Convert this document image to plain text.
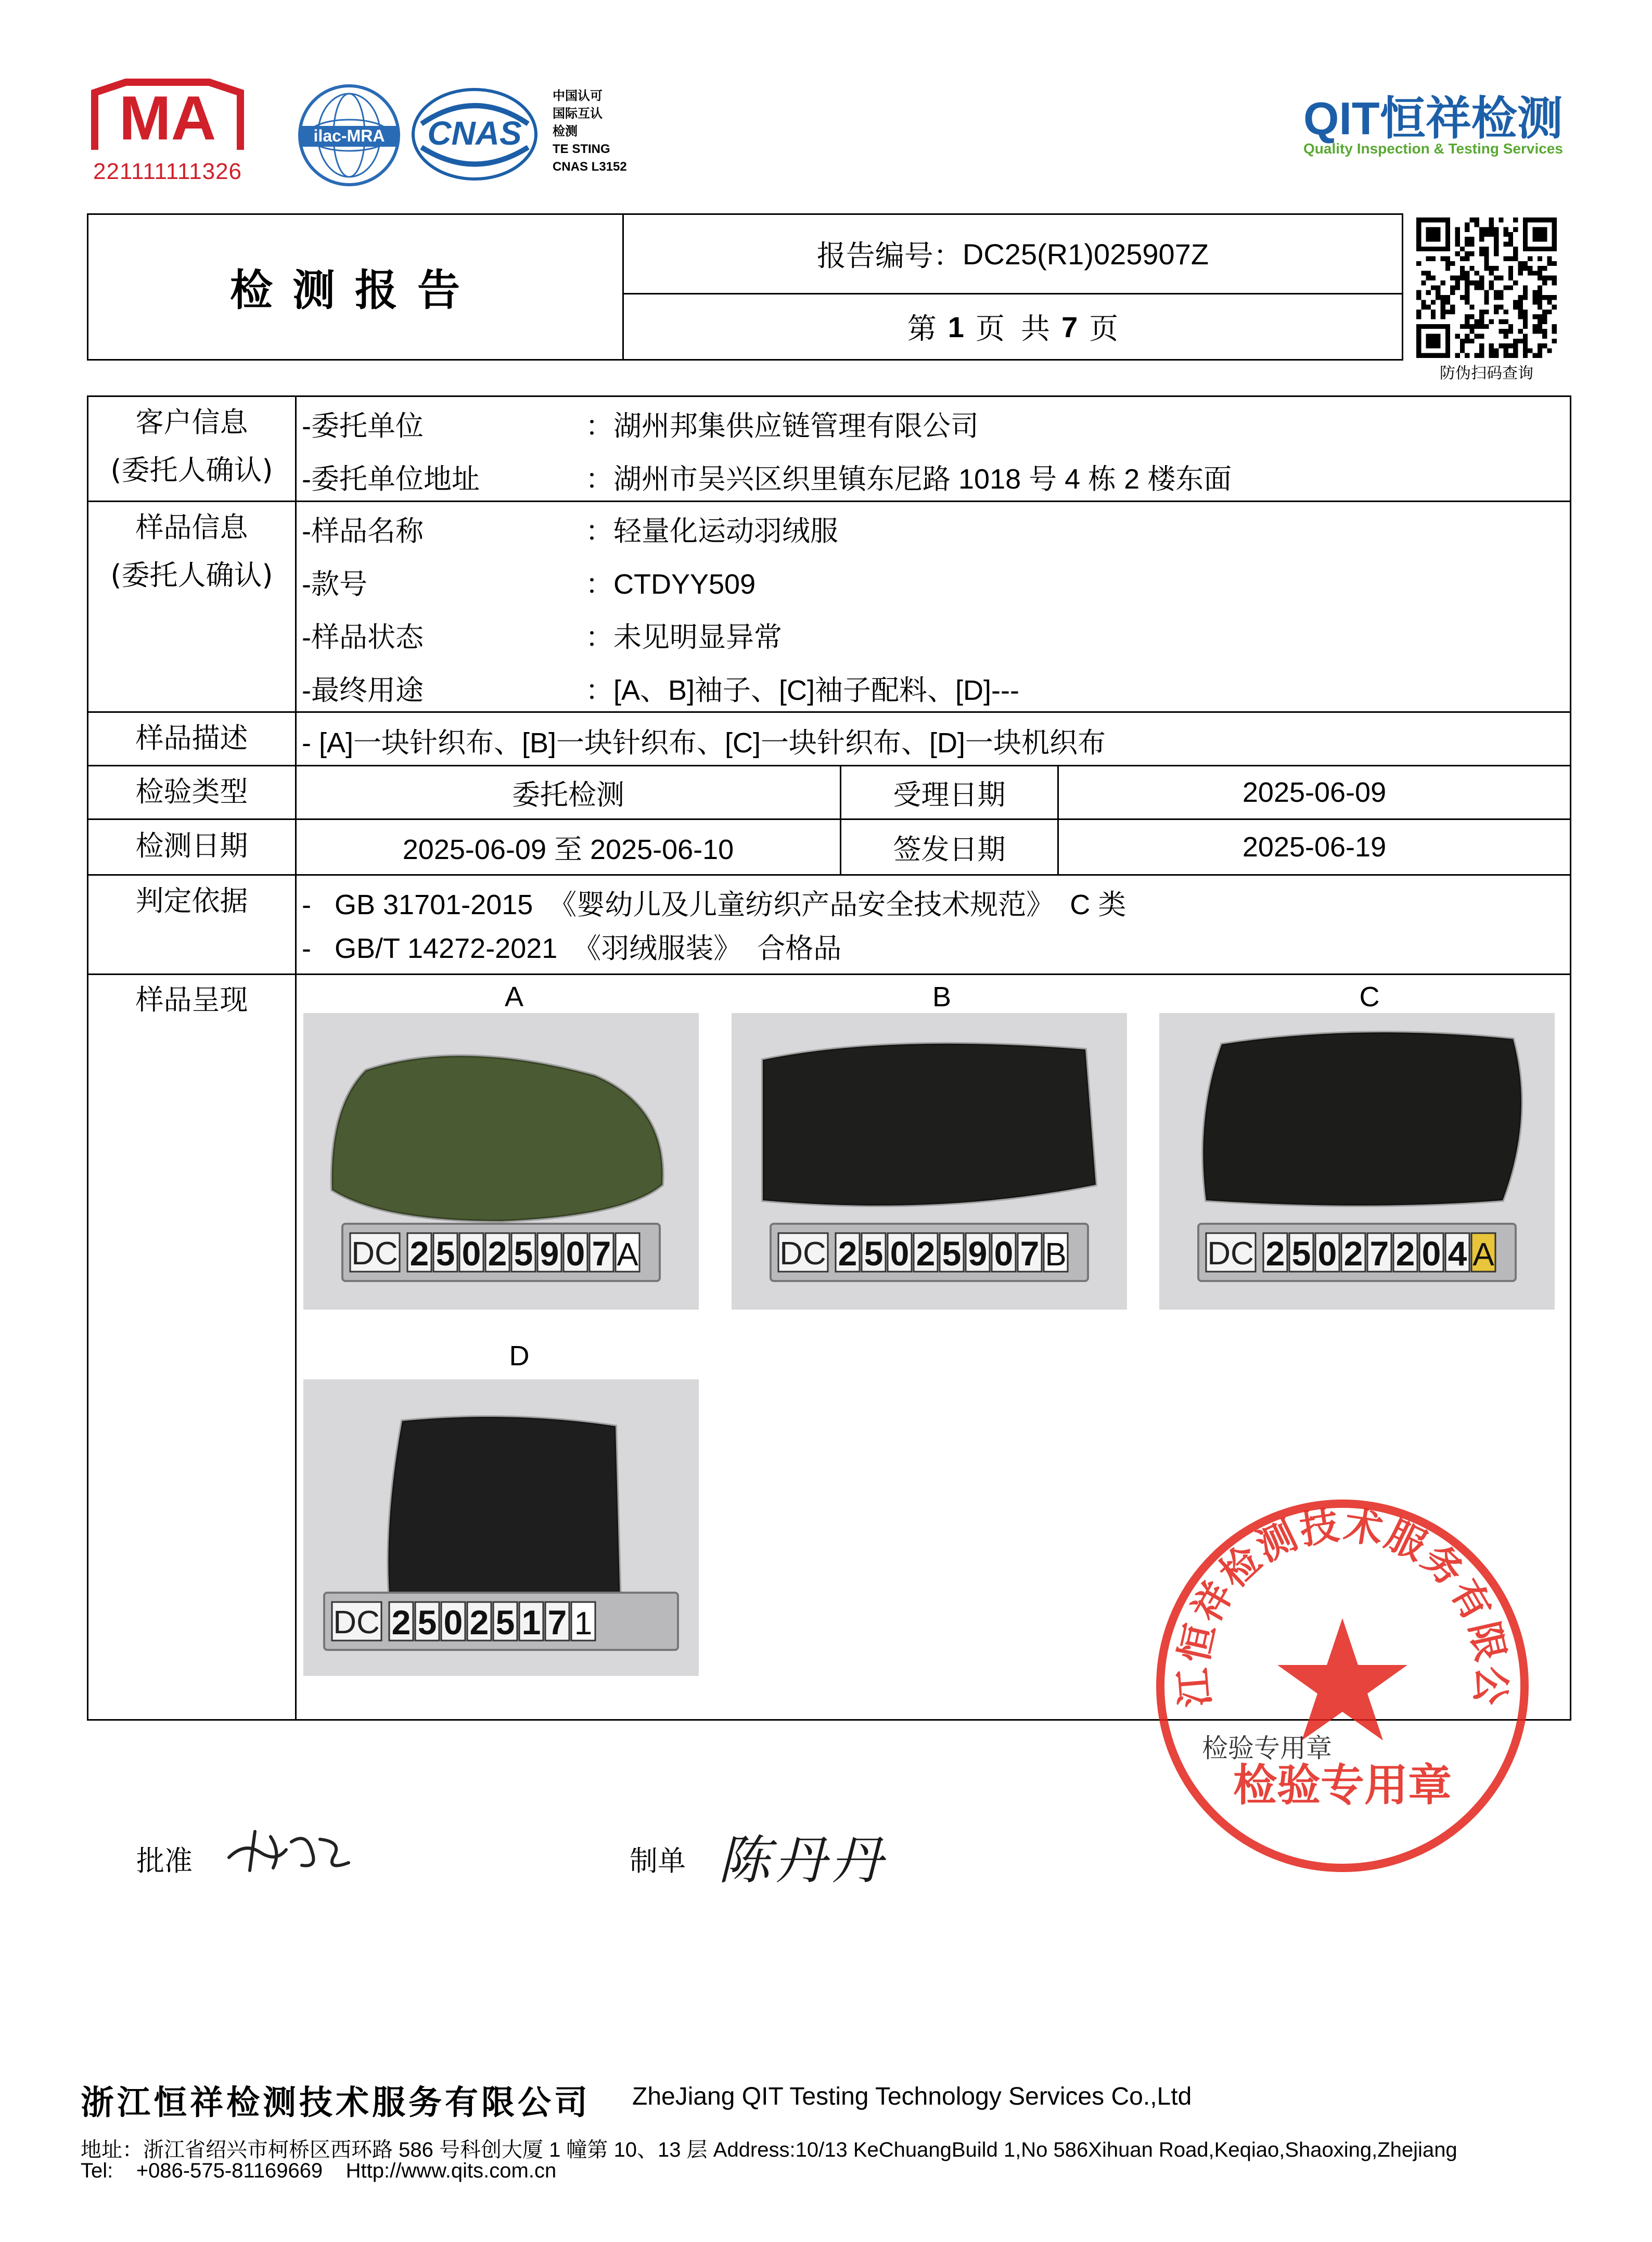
MA
221111111326
ilac-MRA CNAS
中国认可
国际互认
检测
TE STING
CNAS L3152
QIT恒祥检测
Quality Inspection & Testing Services
检测报告
报告编号： DC25(R1)025907Z
第 1 页  共 7 页
防伪扫码查询
客户信息
(委托人确认)
-委托单位	：湖州邦集供应链管理有限公司
-委托单位地址	：湖州市吴兴区织里镇东尼路 1018 号 4 栋 2 楼东面
样品信息
(委托人确认)
-样品名称	：轻量化运动羽绒服
-款号	：CTDYY509
-样品状态	：未见明显异常
-最终用途	：[A、B]袖子、[C]袖子配料、[D]---
样品描述	- [A]一块针织布、[B]一块针织布、[C]一块针织布、[D]一块机织布
检验类型	委托检测	受理日期	2025-06-09
检测日期	2025-06-09 至 2025-06-10	签发日期	2025-06-19
判定依据	-   GB 31701-2015  《婴幼儿及儿童纺织产品安全技术规范》  C 类
-   GB/T 14272-2021  《羽绒服装》  合格品
样品呈现	A	B	C
D
DC 2 5 0 2 5 9 0 7 A	DC 2 5 0 2 5 9 0 7 B	DC 2 5 0 2 7 2 0 4 A
DC 2 5 0 2 5 1 7 1
江恒祥检测技术服务有限公
检验专用章
检验专用章
批准	制单 陈丹丹
浙江恒祥检测技术服务有限公司 ZheJiang QIT Testing Technology Services Co.,Ltd
地址：浙江省绍兴市柯桥区西环路 586 号科创大厦 1 幢第 10、13 层 Address:10/13 KeChuangBuild 1,No 586Xihuan Road,Keqiao,Shaoxing,Zhejiang
Tel: +086-575-81169669 Http://www.qits.com.cn
